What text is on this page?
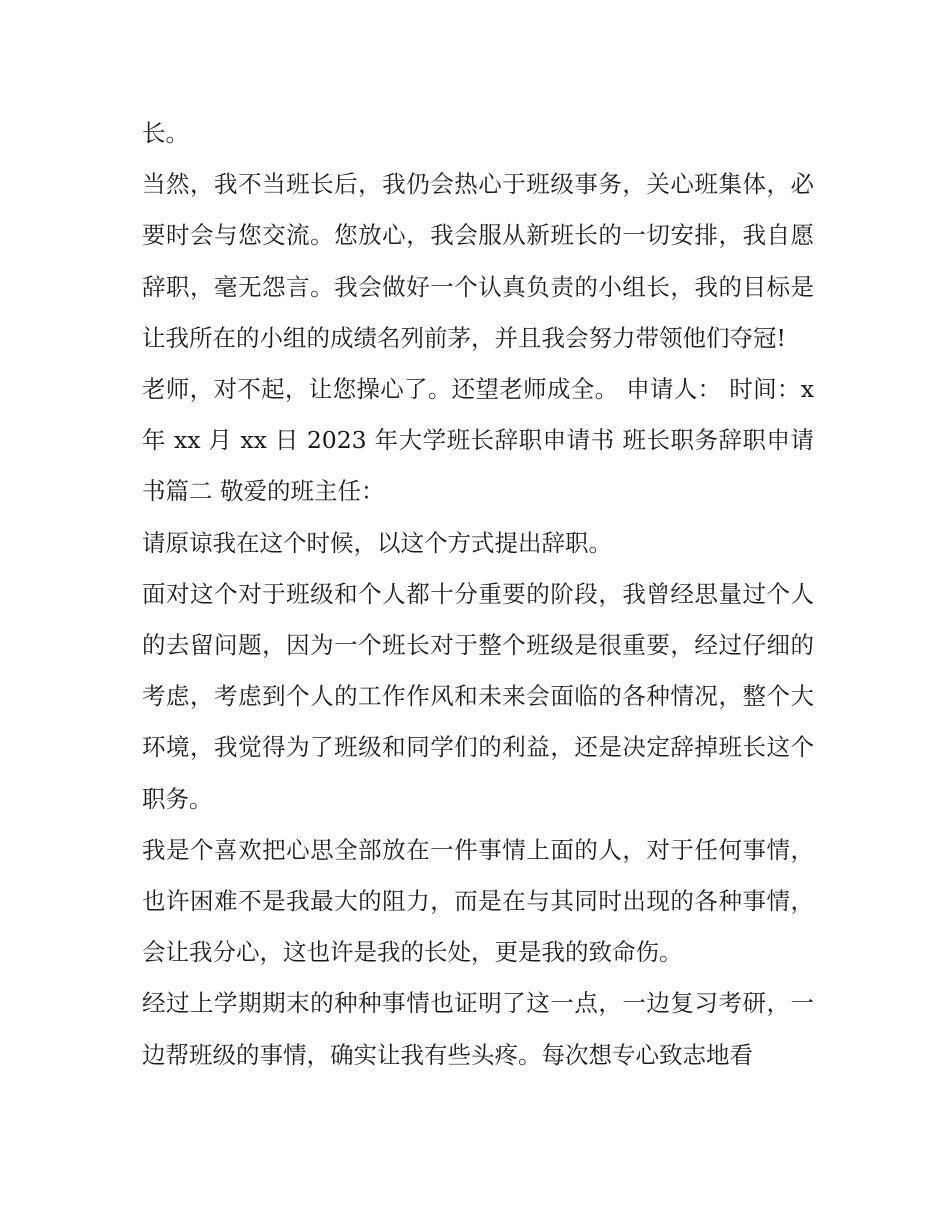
长。

当然，我不当班长后，我仍会热心于班级事务，关心班集体，必要时会与您交流。您放心，我会服从新班长的一切安排，我自愿辞职，毫无怨言。我会做好一个认真负责的小组长，我的目标是让我所在的小组的成绩名列前茅，并且我会努力带领他们夺冠!

老师，对不起，让您操心了。还望老师成全。 申请人： 时间：x 年 xx 月 xx 日 2023 年大学班长辞职申请书 班长职务辞职申请书篇二 敬爱的班主任：

请原谅我在这个时候，以这个方式提出辞职。

面对这个对于班级和个人都十分重要的阶段，我曾经思量过个人的去留问题，因为一个班长对于整个班级是很重要，经过仔细的考虑，考虑到个人的工作作风和未来会面临的各种情况，整个大环境，我觉得为了班级和同学们的利益，还是决定辞掉班长这个职务。

我是个喜欢把心思全部放在一件事情上面的人，对于任何事情，也许困难不是我最大的阻力，而是在与其同时出现的各种事情，会让我分心，这也许是我的长处，更是我的致命伤。

经过上学期期末的种种事情也证明了这一点，一边复习考研，一边帮班级的事情，确实让我有些头疼。每次想专心致志地看
